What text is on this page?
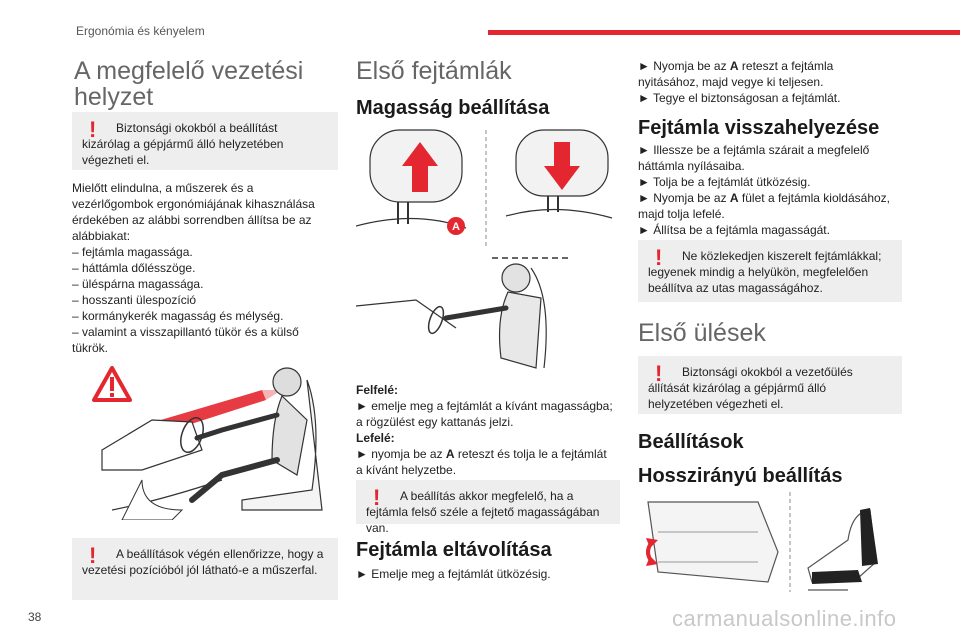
Ergonómia és kényelem
A megfelelő vezetési
helyzet
!	Biztonsági okokból a beállítást kizárólag a gépjármű álló helyzetében végezheti el.
Mielőtt elindulna, a műszerek és a
vezérlőgombok ergonómiájának kihasználása
érdekében az alábbi sorrendben állítsa be az
alábbiakat:
– fejtámla magassága.
– háttámla dőlésszöge.
– üléspárna magassága.
– hosszanti ülespozíció
– kormánykerék magasság és mélység.
– valamint a visszapillantó tükör és a külső
tükrök.
!	A beállítások végén ellenőrizze, hogy a vezetési pozícióból jól látható-e a műszerfal.
Első fejtámlák
Magasság beállítása
A
Felfelé:
► emelje meg a fejtámlát a kívánt magasságba;
a rögzülést egy kattanás jelzi.
Lefelé:
► nyomja be az A reteszt és tolja le a fejtámlát
a kívánt helyzetbe.
!	A beállítás akkor megfelelő, ha a fejtámla felső széle a fejtető magasságában van.
Fejtámla eltávolítása
► Emelje meg a fejtámlát ütközésig.
► Nyomja be az A reteszt a fejtámla
nyitásához, majd vegye ki teljesen.
► Tegye el biztonságosan a fejtámlát.
Fejtámla visszahelyezése
► Illessze be a fejtámla szárait a megfelelő
háttámla nyílásaiba.
► Tolja be a fejtámlát ütközésig.
► Nyomja be az A fület a fejtámla kioldásához,
majd tolja lefelé.
► Állítsa be a fejtámla magasságát.
!	Ne közlekedjen kiszerelt fejtámlákkal; legyenek mindig a helyükön, megfelelően beállítva az utas magasságához.
Első ülések
!	Biztonsági okokból a vezetőülés állítását kizárólag a gépjármű álló helyzetében végezheti el.
Beállítások
Hosszirányú beállítás
38	carmanualsonline.info
